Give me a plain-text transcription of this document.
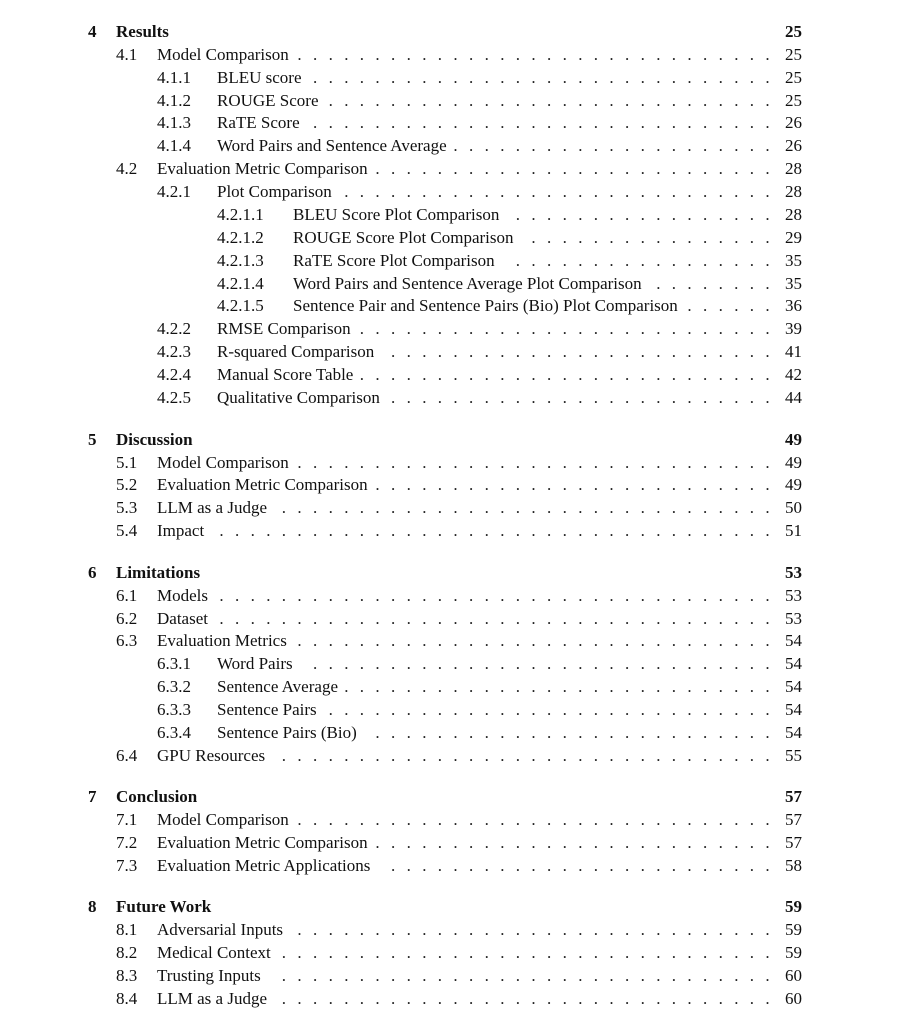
4 Results	25
4.1 Model Comparison ............................... 25
4.1.1 BLEU score .............................. 25
4.1.2 ROUGE Score ............................. 25
4.1.3 RaTE Score .............................. 26
4.1.4 Word Pairs and Sentence Average ..................... 26
4.2 Evaluation Metric Comparison .......................... 28
4.2.1 Plot Comparison ............................ 28
4.2.1.1 BLEU Score Plot Comparison ................. 28
4.2.1.2 ROUGE Score Plot Comparison ................ 29
4.2.1.3 RaTE Score Plot Comparison ................. 35
4.2.1.4 Word Pairs and Sentence Average Plot Comparison ........ 35
4.2.1.5 Sentence Pair and Sentence Pairs (Bio) Plot Comparison ...... 36
4.2.2 RMSE Comparison ........................... 39
4.2.3 R-squared Comparison ......................... 41
4.2.4 Manual Score Table ........................... 42
4.2.5 Qualitative Comparison ......................... 44
5 Discussion	49
5.1 Model Comparison ............................... 49
5.2 Evaluation Metric Comparison .......................... 49
5.3 LLM as a Judge ................................ 50
5.4 Impact .................................... 51
6 Limitations	53
6.1 Models .................................... 53
6.2 Dataset .................................... 53
6.3 Evaluation Metrics ............................... 54
6.3.1 Word Pairs .............................. 54
6.3.2 Sentence Average ............................ 54
6.3.3 Sentence Pairs ............................. 54
6.3.4 Sentence Pairs (Bio) .......................... 54
6.4 GPU Resources ................................ 55
7 Conclusion	57
7.1 Model Comparison ............................... 57
7.2 Evaluation Metric Comparison .......................... 57
7.3 Evaluation Metric Applications ......................... 58
8 Future Work	59
8.1 Adversarial Inputs ............................... 59
8.2 Medical Context ................................ 59
8.3 Trusting Inputs ................................ 60
8.4 LLM as a Judge ................................ 60
